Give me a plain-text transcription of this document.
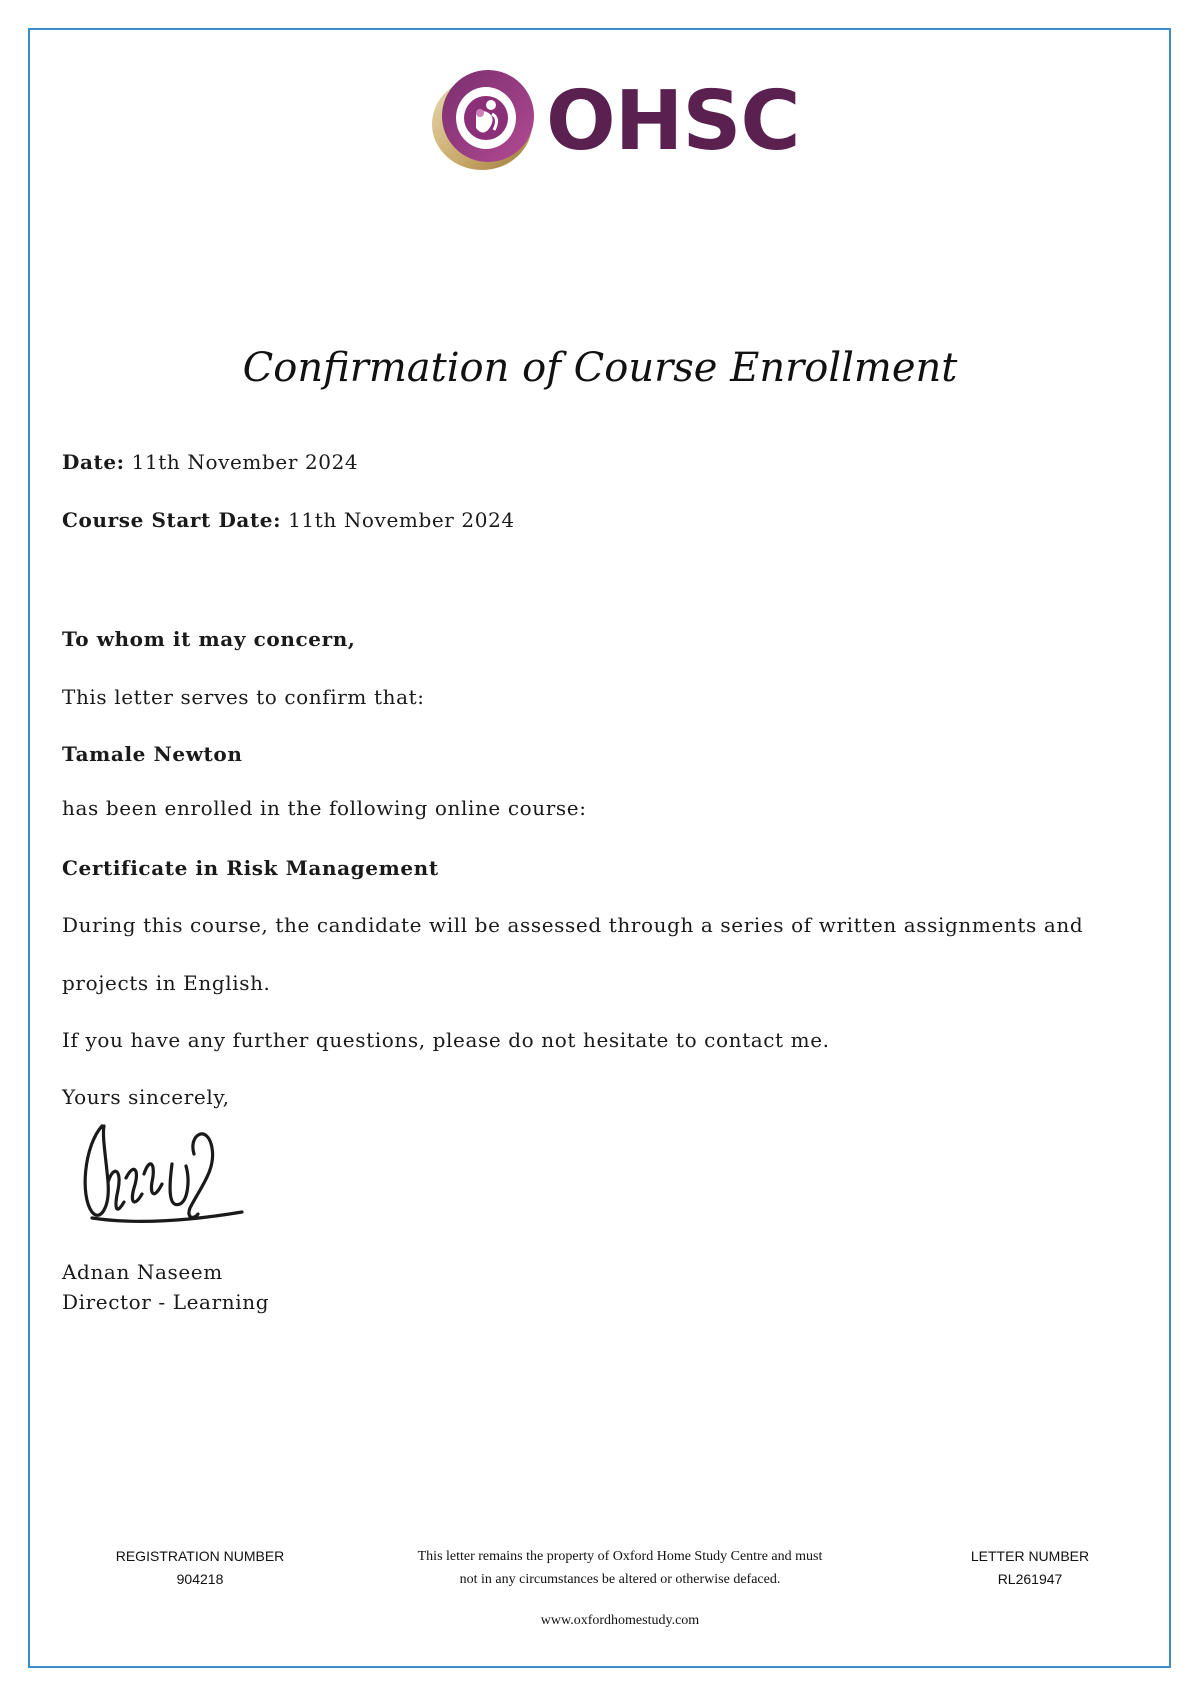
OHSC
Confirmation of Course Enrollment
Date: 11th November 2024
Course Start Date: 11th November 2024
To whom it may concern,
This letter serves to confirm that:
Tamale Newton
has been enrolled in the following online course:
Certificate in Risk Management
During this course, the candidate will be assessed through a series of written assignments and
projects in English.
If you have any further questions, please do not hesitate to contact me.
Yours sincerely,
Adnan Naseem
Director - Learning
REGISTRATION NUMBER
904218
This letter remains the property of Oxford Home Study Centre and must
not in any circumstances be altered or otherwise defaced.
www.oxfordhomestudy.com
LETTER NUMBER
RL261947
